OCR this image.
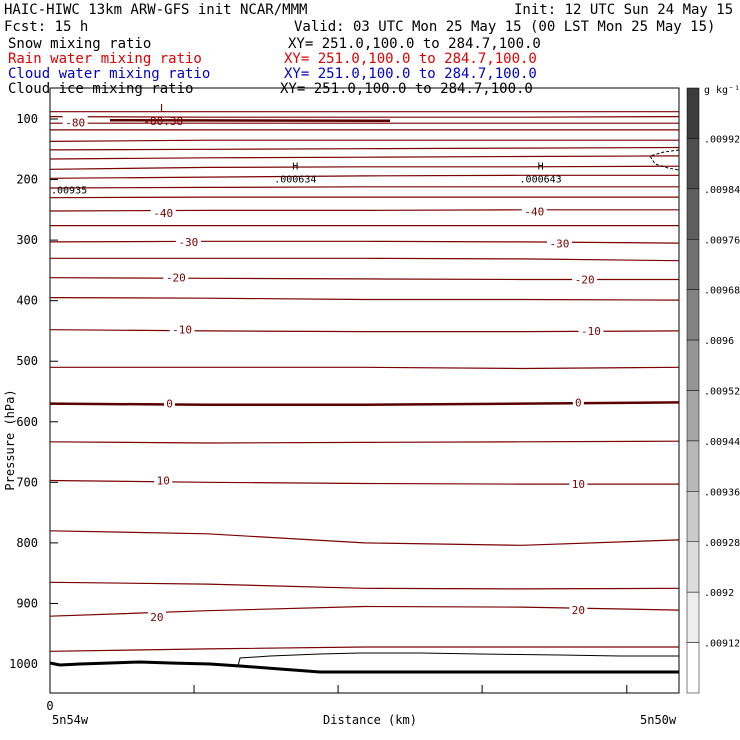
HAIC-HIWC 13km ARW-GFS init NCAR/MMM	Init: 12 UTC Sun 24 May 15
Fcst: 15 h	Valid: 03 UTC Mon 25 May 15 (00 LST Mon 25 May 15)
Snow mixing ratio	XY= 251.0,100.0 to 284.7,100.0
Rain water mixing ratio	XY= 251.0,100.0 to 284.7,100.0
Cloud water mixing ratio	XY= 251.0,100.0 to 284.7,100.0
Cloud ice mixing ratio	XY= 251.0,100.0 to 284.7,100.0
-80
-40	-40
-30	-30
-20	-20
-10	-10
0	0
10	10
20
20
L
-80.38
H
.000634
H
.000643
.00935
100
200
300
400
500
600
700
800
900
1000
Pressure (hPa)
Distance (km)
0
5n54w	5n50w
.00992
.00984
.00976
.00968
.0096
.00952
.00944
.00936
.00928
.0092
.00912
g kg⁻¹
